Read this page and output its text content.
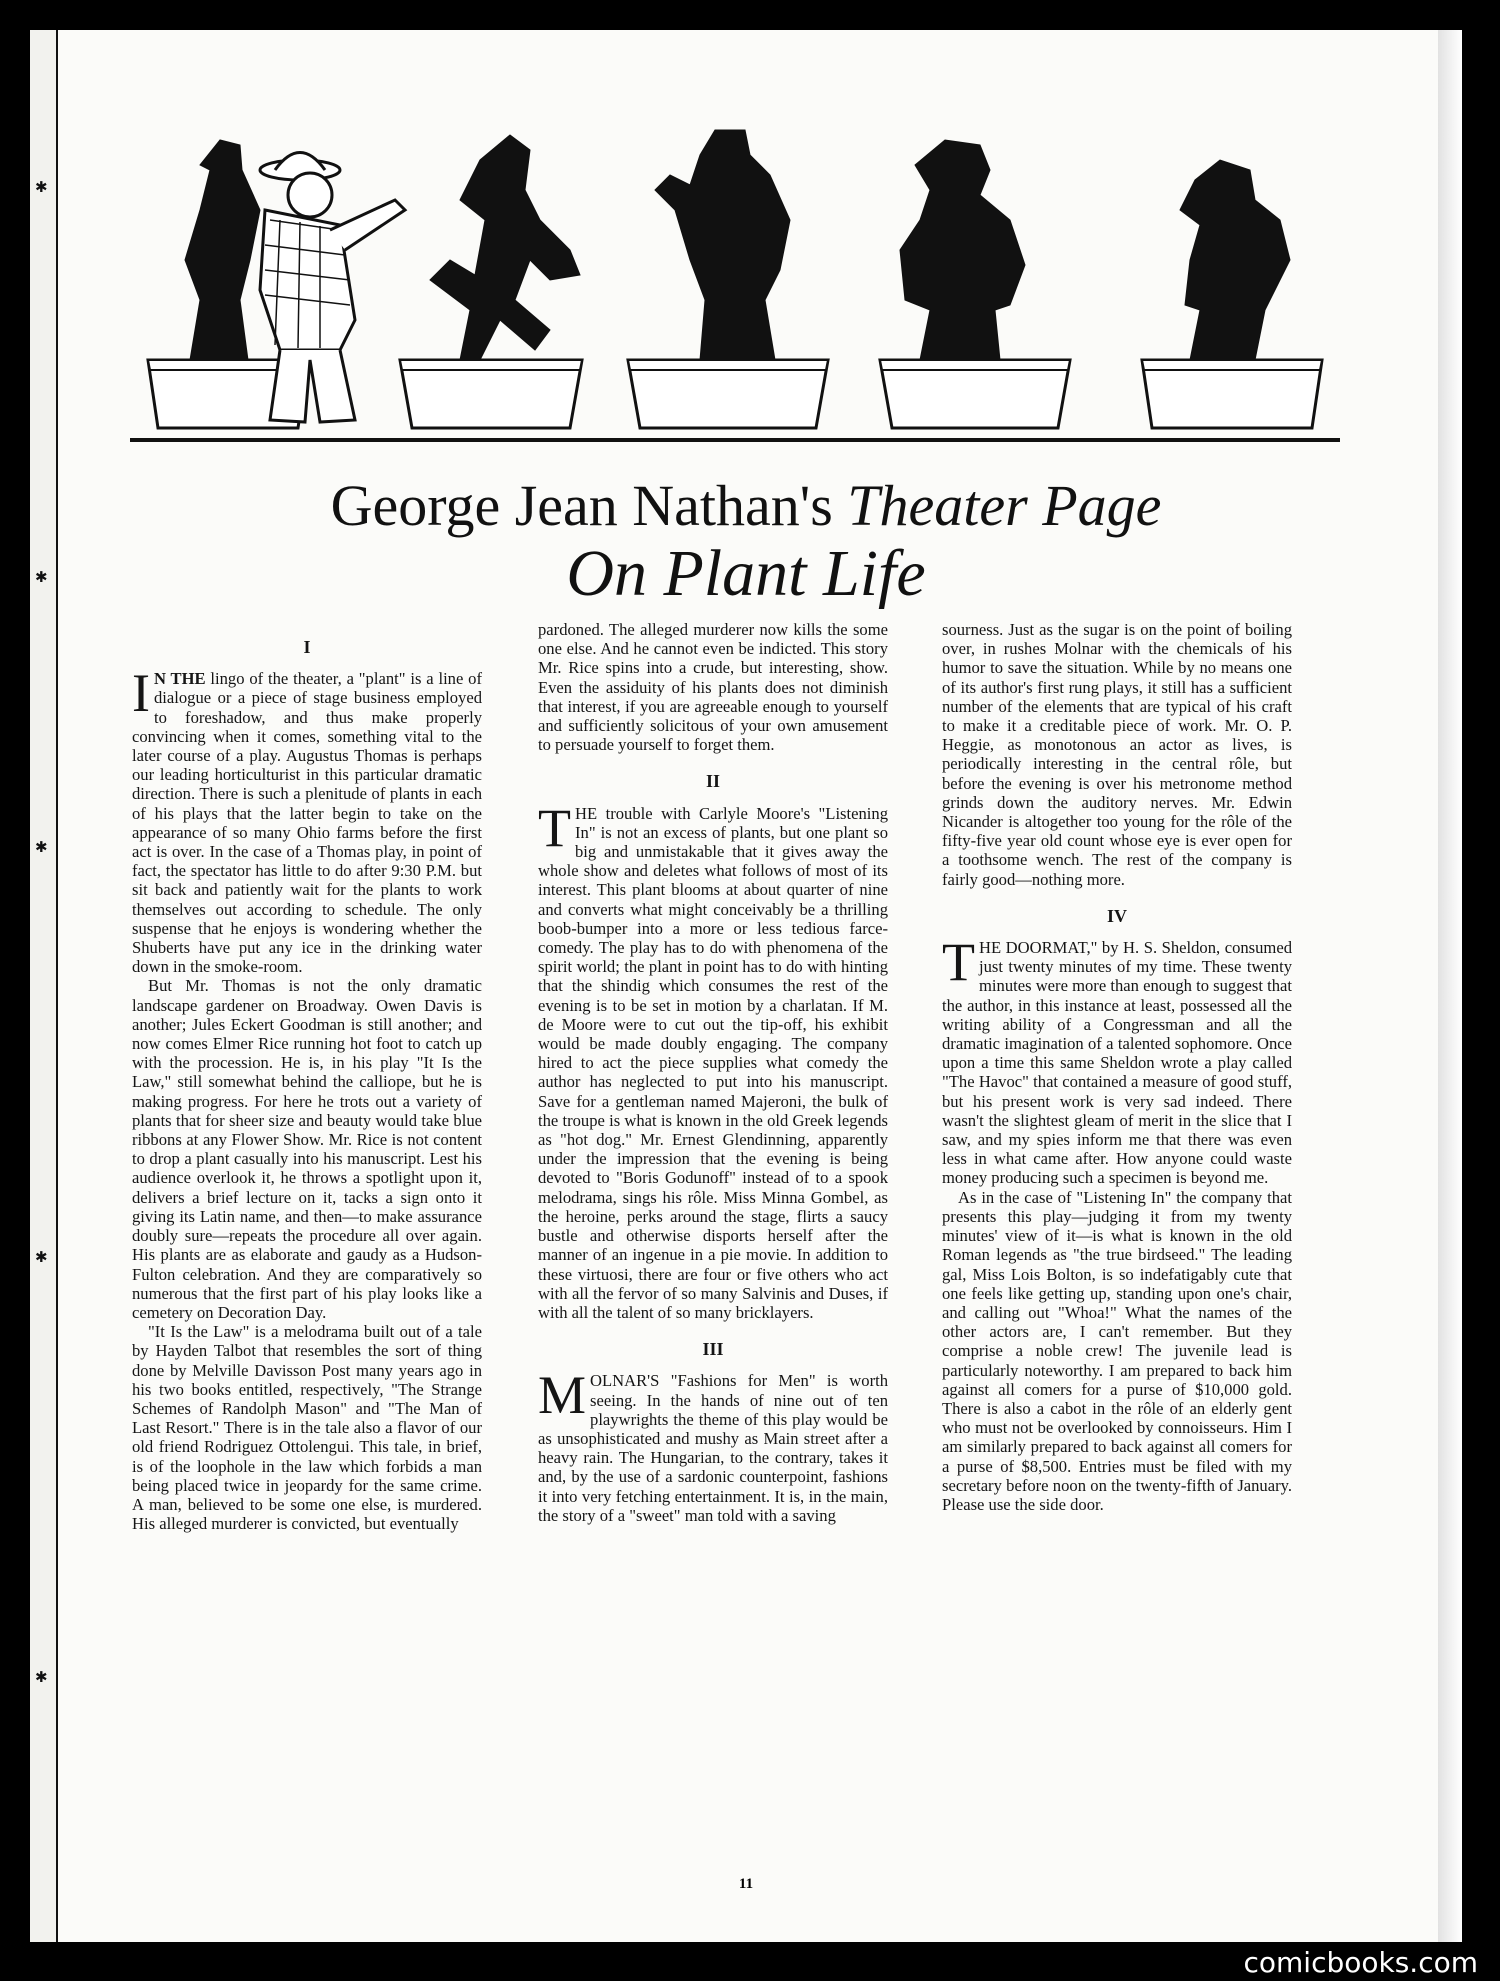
✱
✱
✱
✱
✱
George Jean Nathan's Theater Page
On Plant Life
I

I N THE lingo of the theater, a "plant" is a line of dialogue or a piece of stage business employed to foreshadow, and thus make properly convincing when it comes, something vital to the later course of a play. Augustus Thomas is perhaps our leading horticulturist in this particular dramatic direction. There is such a plenitude of plants in each of his plays that the latter begin to take on the appearance of so many Ohio farms before the first act is over. In the case of a Thomas play, in point of fact, the spectator has little to do after 9:30 P.M. but sit back and patiently wait for the plants to work themselves out according to schedule. The only suspense that he enjoys is wondering whether the Shuberts have put any ice in the drinking water down in the smoke-room.

But Mr. Thomas is not the only dramatic landscape gardener on Broadway. Owen Davis is another; Jules Eckert Goodman is still another; and now comes Elmer Rice running hot foot to catch up with the procession. He is, in his play "It Is the Law," still somewhat behind the calliope, but he is making progress. For here he trots out a variety of plants that for sheer size and beauty would take blue ribbons at any Flower Show. Mr. Rice is not content to drop a plant casually into his manuscript. Lest his audience overlook it, he throws a spotlight upon it, delivers a brief lecture on it, tacks a sign onto it giving its Latin name, and then—to make assurance doubly sure—repeats the procedure all over again. His plants are as elaborate and gaudy as a Hudson-Fulton celebration. And they are comparatively so numerous that the first part of his play looks like a cemetery on Decoration Day.

"It Is the Law" is a melodrama built out of a tale by Hayden Talbot that resembles the sort of thing done by Melville Davisson Post many years ago in his two books entitled, respectively, "The Strange Schemes of Randolph Mason" and "The Man of Last Resort." There is in the tale also a flavor of our old friend Rodriguez Ottolengui. This tale, in brief, is of the loophole in the law which forbids a man being placed twice in jeopardy for the same crime. A man, believed to be some one else, is murdered. His alleged murderer is convicted, but eventually

pardoned. The alleged murderer now kills the some one else. And he cannot even be indicted. This story Mr. Rice spins into a crude, but interesting, show. Even the assiduity of his plants does not diminish that interest, if you are agreeable enough to yourself and sufficiently solicitous of your own amusement to persuade yourself to forget them.

II

THE trouble with Carlyle Moore's "Listening In" is not an excess of plants, but one plant so big and unmistakable that it gives away the whole show and deletes what follows of most of its interest. This plant blooms at about quarter of nine and converts what might conceivably be a thrilling boob-bumper into a more or less tedious farce-comedy. The play has to do with phenomena of the spirit world; the plant in point has to do with hinting that the shindig which consumes the rest of the evening is to be set in motion by a charlatan. If M. de Moore were to cut out the tip-off, his exhibit would be made doubly engaging. The company hired to act the piece supplies what comedy the author has neglected to put into his manuscript. Save for a gentleman named Majeroni, the bulk of the troupe is what is known in the old Greek legends as "hot dog." Mr. Ernest Glendinning, apparently under the impression that the evening is being devoted to "Boris Godunoff" instead of to a spook melodrama, sings his rôle. Miss Minna Gombel, as the heroine, perks around the stage, flirts a saucy bustle and otherwise disports herself after the manner of an ingenue in a pie movie. In addition to these virtuosi, there are four or five others who act with all the fervor of so many Salvinis and Duses, if with all the talent of so many bricklayers.

III

MOLNAR'S "Fashions for Men" is worth seeing. In the hands of nine out of ten playwrights the theme of this play would be as unsophisticated and mushy as Main street after a heavy rain. The Hungarian, to the contrary, takes it and, by the use of a sardonic counterpoint, fashions it into very fetching entertainment. It is, in the main, the story of a "sweet" man told with a saving

sourness. Just as the sugar is on the point of boiling over, in rushes Molnar with the chemicals of his humor to save the situation. While by no means one of its author's first rung plays, it still has a sufficient number of the elements that are typical of his craft to make it a creditable piece of work. Mr. O. P. Heggie, as monotonous an actor as lives, is periodically interesting in the central rôle, but before the evening is over his metronome method grinds down the auditory nerves. Mr. Edwin Nicander is altogether too young for the rôle of the fifty-five year old count whose eye is ever open for a toothsome wench. The rest of the company is fairly good—nothing more.

IV

THE DOORMAT," by H. S. Sheldon, consumed just twenty minutes of my time. These twenty minutes were more than enough to suggest that the author, in this instance at least, possessed all the writing ability of a Congressman and all the dramatic imagination of a talented sophomore. Once upon a time this same Sheldon wrote a play called "The Havoc" that contained a measure of good stuff, but his present work is very sad indeed. There wasn't the slightest gleam of merit in the slice that I saw, and my spies inform me that there was even less in what came after. How anyone could waste money producing such a specimen is beyond me.

As in the case of "Listening In" the company that presents this play—judging it from my twenty minutes' view of it—is what is known in the old Roman legends as "the true birdseed." The leading gal, Miss Lois Bolton, is so indefatigably cute that one feels like getting up, standing upon one's chair, and calling out "Whoa!" What the names of the other actors are, I can't remember. But they comprise a noble crew! The juvenile lead is particularly noteworthy. I am prepared to back him against all comers for a purse of $10,000 gold. There is also a cabot in the rôle of an elderly gent who must not be overlooked by connoisseurs. Him I am similarly prepared to back against all comers for a purse of $8,500. Entries must be filed with my secretary before noon on the twenty-fifth of January. Please use the side door.

11
comicbooks.com
